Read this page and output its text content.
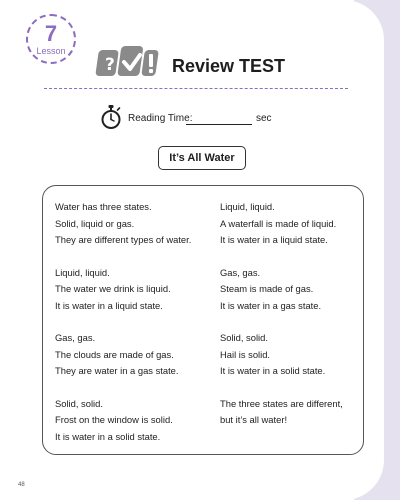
7
Lesson
?	Review TEST
Reading Time:	sec
It’s All Water
Water has three states.
Solid, liquid or gas.
They are different types of water.
Liquid, liquid.
The water we drink is liquid.
It is water in a liquid state.
Gas, gas.
The clouds are made of gas.
They are water in a gas state.
Solid, solid.
Frost on the window is solid.
It is water in a solid state.
Liquid, liquid.
A waterfall is made of liquid.
It is water in a liquid state.
Gas, gas.
Steam is made of gas.
It is water in a gas state.
Solid, solid.
Hail is solid.
It is water in a solid state.
The three states are different,
but it’s all water!
48
